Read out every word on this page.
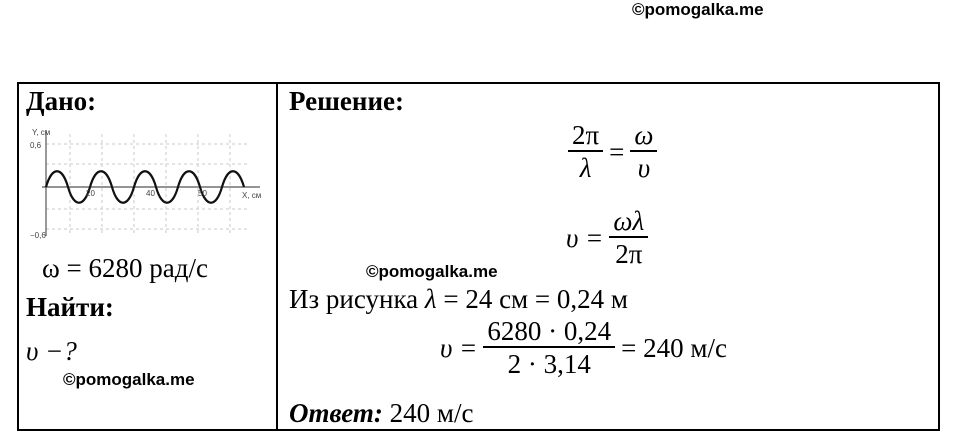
©pomogalka.me
Дано:
Y, см
0,6
−0,6
20	40	50	X, см
ω = 6280 рад/с	©pomogalka.me
Найти:
υ −?
©pomogalka.me
Решение:
$\frac{2\pi}{\lambda} = \frac{\omega}{\upsilon}$
$\upsilon = \frac{\omega\lambda}{2\pi}$
Из рисунка λ = 24 см = 0,24 м
$\upsilon = \frac{6280 \cdot 0,24}{2 \cdot 3,14} = 240$ м/с
Ответ: 240 м/с
